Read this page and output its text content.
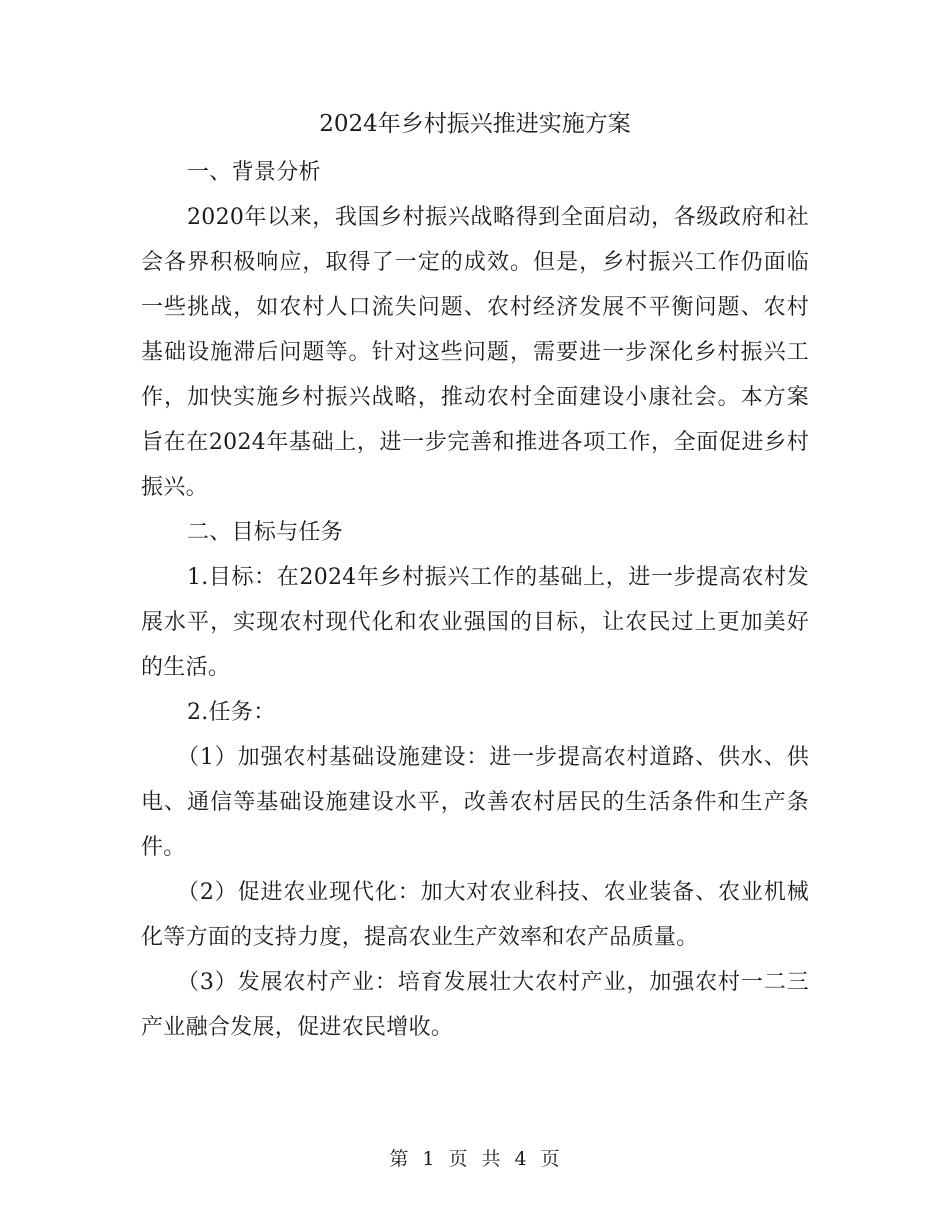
2024年乡村振兴推进实施方案

一、背景分析

2020年以来，我国乡村振兴战略得到全面启动，各级政府和社会各界积极响应，取得了一定的成效。但是，乡村振兴工作仍面临一些挑战，如农村人口流失问题、农村经济发展不平衡问题、农村基础设施滞后问题等。针对这些问题，需要进一步深化乡村振兴工作，加快实施乡村振兴战略，推动农村全面建设小康社会。本方案旨在在2024年基础上，进一步完善和推进各项工作，全面促进乡村振兴。

二、目标与任务

1.目标：在2024年乡村振兴工作的基础上，进一步提高农村发展水平，实现农村现代化和农业强国的目标，让农民过上更加美好的生活。

2.任务：

（1）加强农村基础设施建设：进一步提高农村道路、供水、供电、通信等基础设施建设水平，改善农村居民的生活条件和生产条件。

（2）促进农业现代化：加大对农业科技、农业装备、农业机械化等方面的支持力度，提高农业生产效率和农产品质量。

（3）发展农村产业：培育发展壮大农村产业，加强农村一二三产业融合发展，促进农民增收。

第 1 页 共 4 页
